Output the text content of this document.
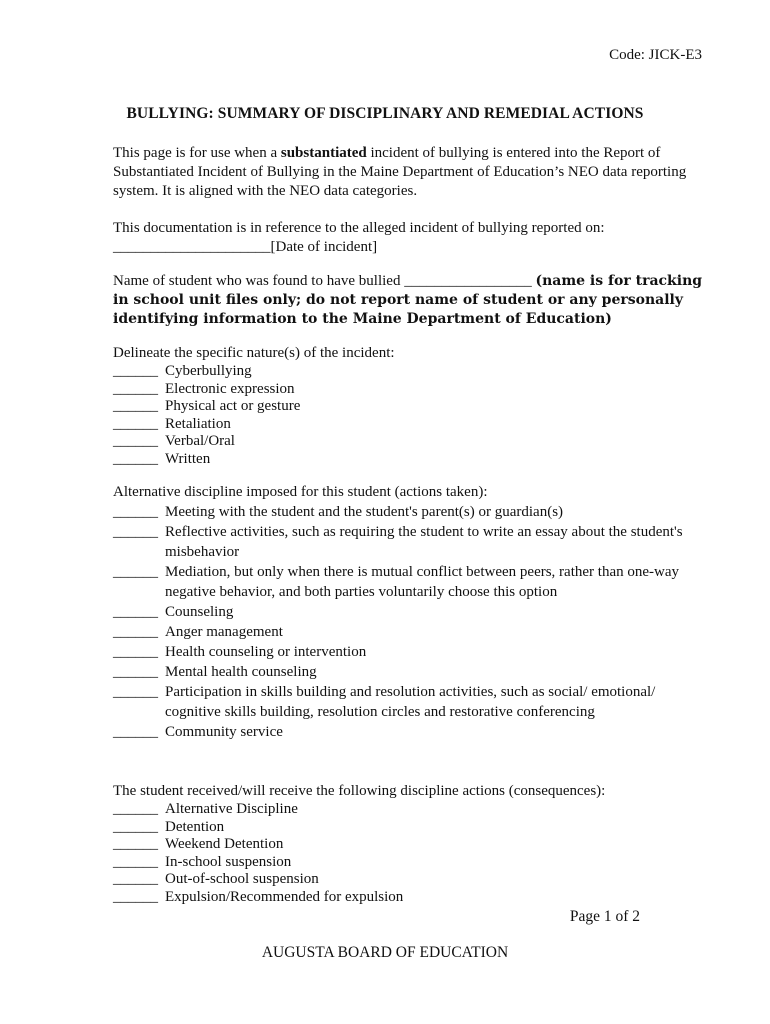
Code: JICK-E3
BULLYING: SUMMARY OF DISCIPLINARY AND REMEDIAL ACTIONS
This page is for use when a substantiated incident of bullying is entered into the Report of Substantiated Incident of Bullying in the Maine Department of Education’s NEO data reporting system. It is aligned with the NEO data categories.
This documentation is in reference to the alleged incident of bullying reported on:
_____________________[Date of incident]
Name of student who was found to have bullied _________________ (name is for tracking in school unit files only; do not report name of student or any personally identifying information to the Maine Department of Education)
Delineate the specific nature(s) of the incident:
______ Cyberbullying
______ Electronic expression
______ Physical act or gesture
______ Retaliation
______ Verbal/Oral
______ Written
Alternative discipline imposed for this student (actions taken):
______ Meeting with the student and the student's parent(s) or guardian(s)
______ Reflective activities, such as requiring the student to write an essay about the student's misbehavior
______ Mediation, but only when there is mutual conflict between peers, rather than one-way negative behavior, and both parties voluntarily choose this option
______ Counseling
______ Anger management
______ Health counseling or intervention
______ Mental health counseling
______ Participation in skills building and resolution activities, such as social/ emotional/ cognitive skills building, resolution circles and restorative conferencing
______ Community service
The student received/will receive the following discipline actions (consequences):
______ Alternative Discipline
______ Detention
______ Weekend Detention
______ In-school suspension
______ Out-of-school suspension
______ Expulsion/Recommended for expulsion
Page 1 of 2
AUGUSTA BOARD OF EDUCATION
